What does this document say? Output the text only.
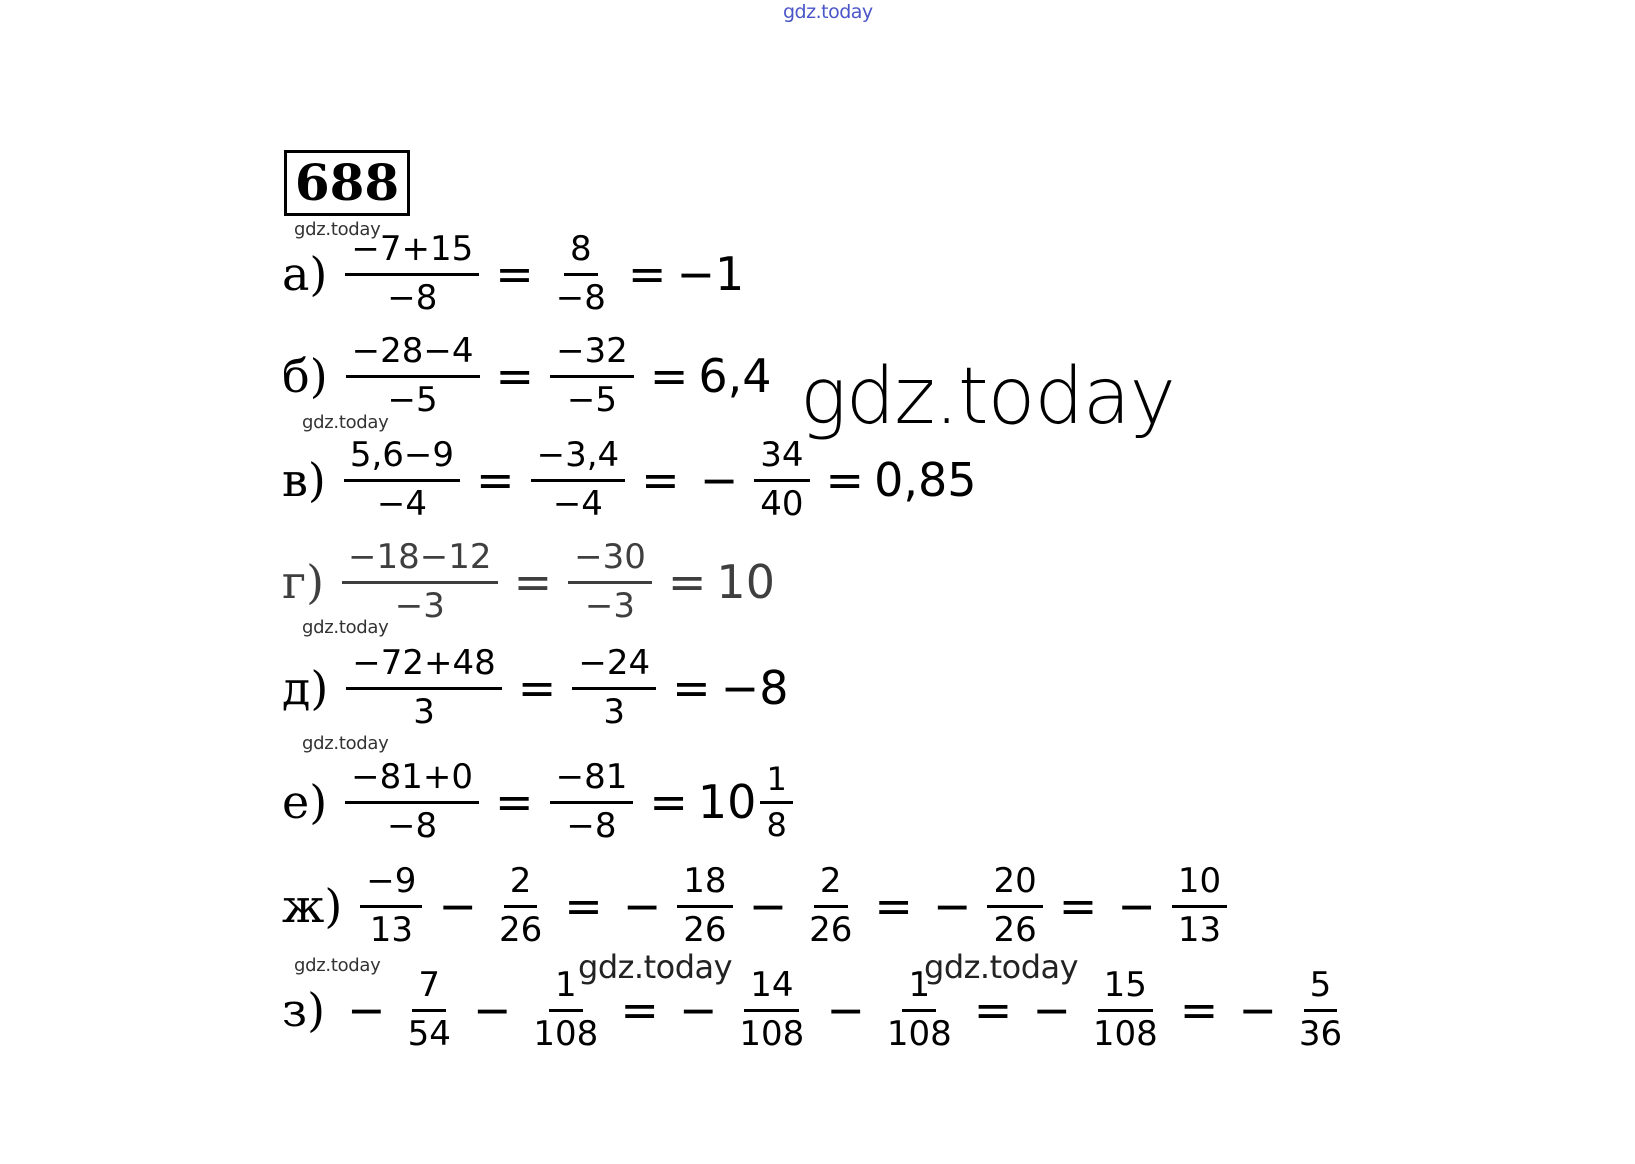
gdz.today
gdz.today
gdz.today
gdz.today
gdz.today
gdz.today
gdz.today	gdz.today	gdz.today
688
$а) \frac{-7+15}{-8} = \frac{8}{-8} = -1$
$б) \frac{-28-4}{-5} = \frac{-32}{-5} = 6,4$
$в) \frac{5,6-9}{-4} = \frac{-3,4}{-4}$ = − $\frac{34}{40} = 0,85$
$г) \frac{-18-12}{-3} = \frac{-30}{-3} = 10$
$д) \frac{-72+48}{3} = \frac{-24}{3} = -8$
$е) \frac{-81+0}{-8} = \frac{-81}{-8} = 10 \frac{1}{8}$
$ж) \frac{-9}{13} - \frac{2}{26}$ = − $\frac{18}{26} - \frac{2}{26}$ = − $\frac{20}{26}$ = − $\frac{10}{13}$
$з) - \frac{7}{54} - \frac{1}{108}$ = − $\frac{14}{108} - \frac{1}{108}$ = − $\frac{15}{108}$ = − $\frac{5}{36}$
